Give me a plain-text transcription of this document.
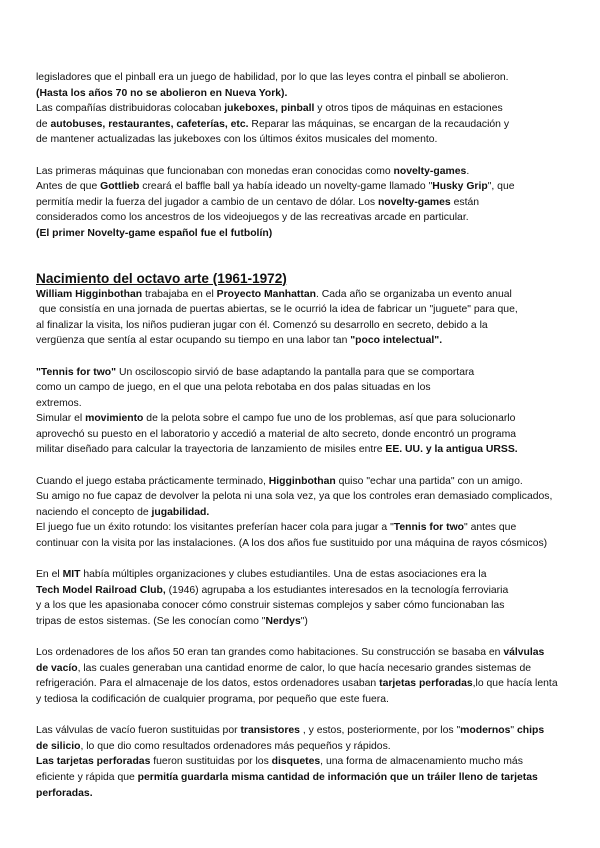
legisladores que el pinball era un juego de habilidad, por lo que las leyes contra el pinball se abolieron.

(Hasta los años 70 no se abolieron en Nueva York).

Las compañías distribuidoras colocaban jukeboxes, pinball y otros tipos de máquinas en estaciones

de autobuses, restaurantes, cafeterías, etc. Reparar las máquinas, se encargan de la recaudación y

de mantener actualizadas las jukeboxes con los últimos éxitos musicales del momento.

Las primeras máquinas que funcionaban con monedas eran conocidas como novelty-games.

Antes de que Gottlieb creará el baffle ball ya había ideado un novelty-game llamado "Husky Grip", que

permitía medir la fuerza del jugador a cambio de un centavo de dólar. Los novelty-games están

considerados como los ancestros de los videojuegos y de las recreativas arcade en particular.

(El primer Novelty-game español fue el futbolín)

Nacimiento del octavo arte (1961-1972)

William Higginbothan trabajaba en el Proyecto Manhattan. Cada año se organizaba un evento anual

que consistía en una jornada de puertas abiertas, se le ocurrió la idea de fabricar un "juguete" para que,

al finalizar la visita, los niños pudieran jugar con él. Comenzó su desarrollo en secreto, debido a la

vergüenza que sentía al estar ocupando su tiempo en una labor tan "poco intelectual".

"Tennis for two" Un osciloscopio sirvió de base adaptando la pantalla para que se comportara

como un campo de juego, en el que una pelota rebotaba en dos palas situadas en los

extremos.

Simular el movimiento de la pelota sobre el campo fue uno de los problemas, así que para solucionarlo

aprovechó su puesto en el laboratorio y accedió a material de alto secreto, donde encontró un programa

militar diseñado para calcular la trayectoria de lanzamiento de misiles entre EE. UU. y la antigua URSS.

Cuando el juego estaba prácticamente terminado, Higginbothan quiso "echar una partida" con un amigo.

Su amigo no fue capaz de devolver la pelota ni una sola vez, ya que los controles eran demasiado complicados,

naciendo el concepto de jugabilidad.

El juego fue un éxito rotundo: los visitantes preferían hacer cola para jugar a "Tennis for two" antes que

continuar con la visita por las instalaciones. (A los dos años fue sustituido por una máquina de rayos cósmicos)

En el MIT había múltiples organizaciones y clubes estudiantiles. Una de estas asociaciones era la

Tech Model Railroad Club, (1946) agrupaba a los estudiantes interesados en la tecnología ferroviaria

y a los que les apasionaba conocer cómo construir sistemas complejos y saber cómo funcionaban las

tripas de estos sistemas. (Se les conocían como "Nerdys")

Los ordenadores de los años 50 eran tan grandes como habitaciones. Su construcción se basaba en válvulas

de vacío, las cuales generaban una cantidad enorme de calor, lo que hacía necesario grandes sistemas de

refrigeración. Para el almacenaje de los datos, estos ordenadores usaban tarjetas perforadas,lo que hacía lenta

y tediosa la codificación de cualquier programa, por pequeño que este fuera.

Las válvulas de vacío fueron sustituidas por transistores , y estos, posteriormente, por los "modernos" chips

de silicio, lo que dio como resultados ordenadores más pequeños y rápidos.

Las tarjetas perforadas fueron sustituidas por los disquetes, una forma de almacenamiento mucho más

eficiente y rápida que permitía guardarla misma cantidad de información que un tráiler lleno de tarjetas

perforadas.
